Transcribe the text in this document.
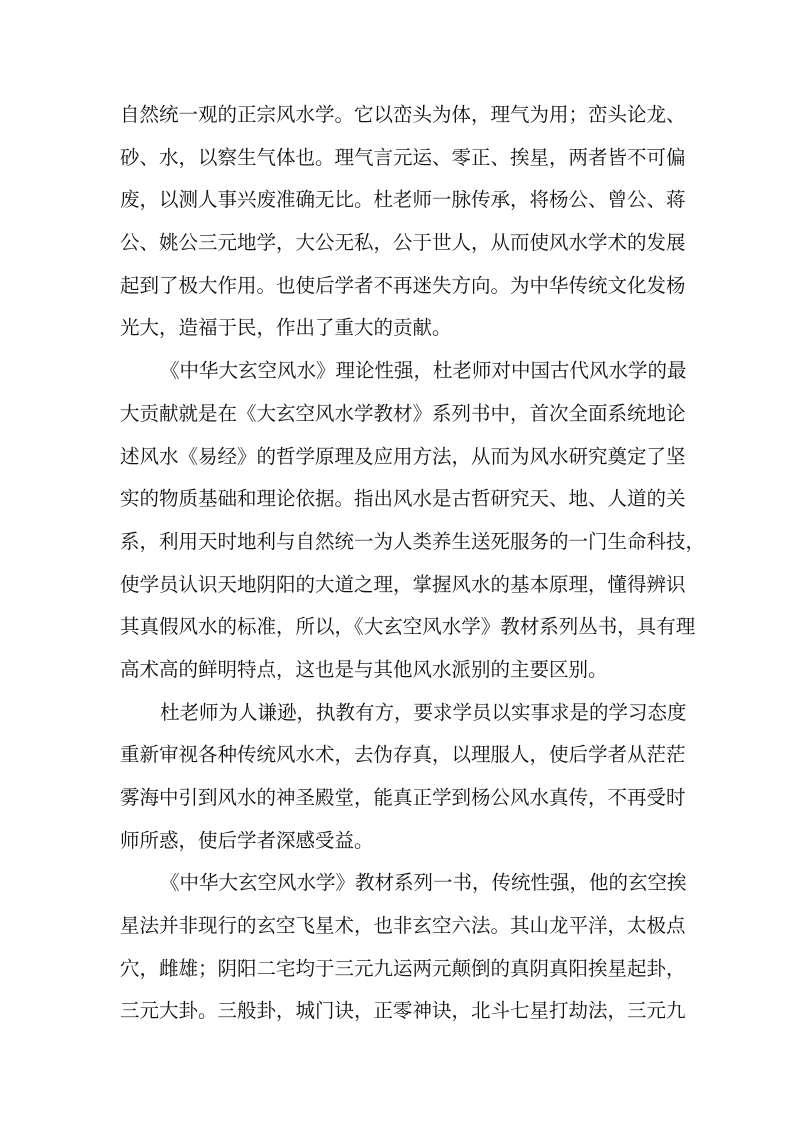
自然统一观的正宗风水学。它以峦头为体，理气为用；峦头论龙、
砂、水，以察生气体也。理气言元运、零正、挨星，两者皆不可偏
废，以测人事兴废准确无比。杜老师一脉传承，将杨公、曾公、蒋
公、姚公三元地学，大公无私，公于世人，从而使风水学术的发展
起到了极大作用。也使后学者不再迷失方向。为中华传统文化发杨
光大，造福于民，作出了重大的贡献。
《中华大玄空风水》理论性强，杜老师对中国古代风水学的最
大贡献就是在《大玄空风水学教材》系列书中，首次全面系统地论
述风水《易经》的哲学原理及应用方法，从而为风水研究奠定了坚
实的物质基础和理论依据。指出风水是古哲研究天、地、人道的关
系，利用天时地利与自然统一为人类养生送死服务的一门生命科技，
使学员认识天地阴阳的大道之理，掌握风水的基本原理，懂得辨识
其真假风水的标准，所以，《大玄空风水学》教材系列丛书，具有理
高术高的鲜明特点，这也是与其他风水派别的主要区别。
杜老师为人谦逊，执教有方，要求学员以实事求是的学习态度
重新审视各种传统风水术，去伪存真，以理服人，使后学者从茫茫
雾海中引到风水的神圣殿堂，能真正学到杨公风水真传，不再受时
师所惑，使后学者深感受益。
《中华大玄空风水学》教材系列一书，传统性强，他的玄空挨
星法并非现行的玄空飞星术，也非玄空六法。其山龙平洋，太极点
穴，雌雄；阴阳二宅均于三元九运两元颠倒的真阴真阳挨星起卦，
三元大卦。三般卦，城门诀，正零神诀，北斗七星打劫法，三元九
